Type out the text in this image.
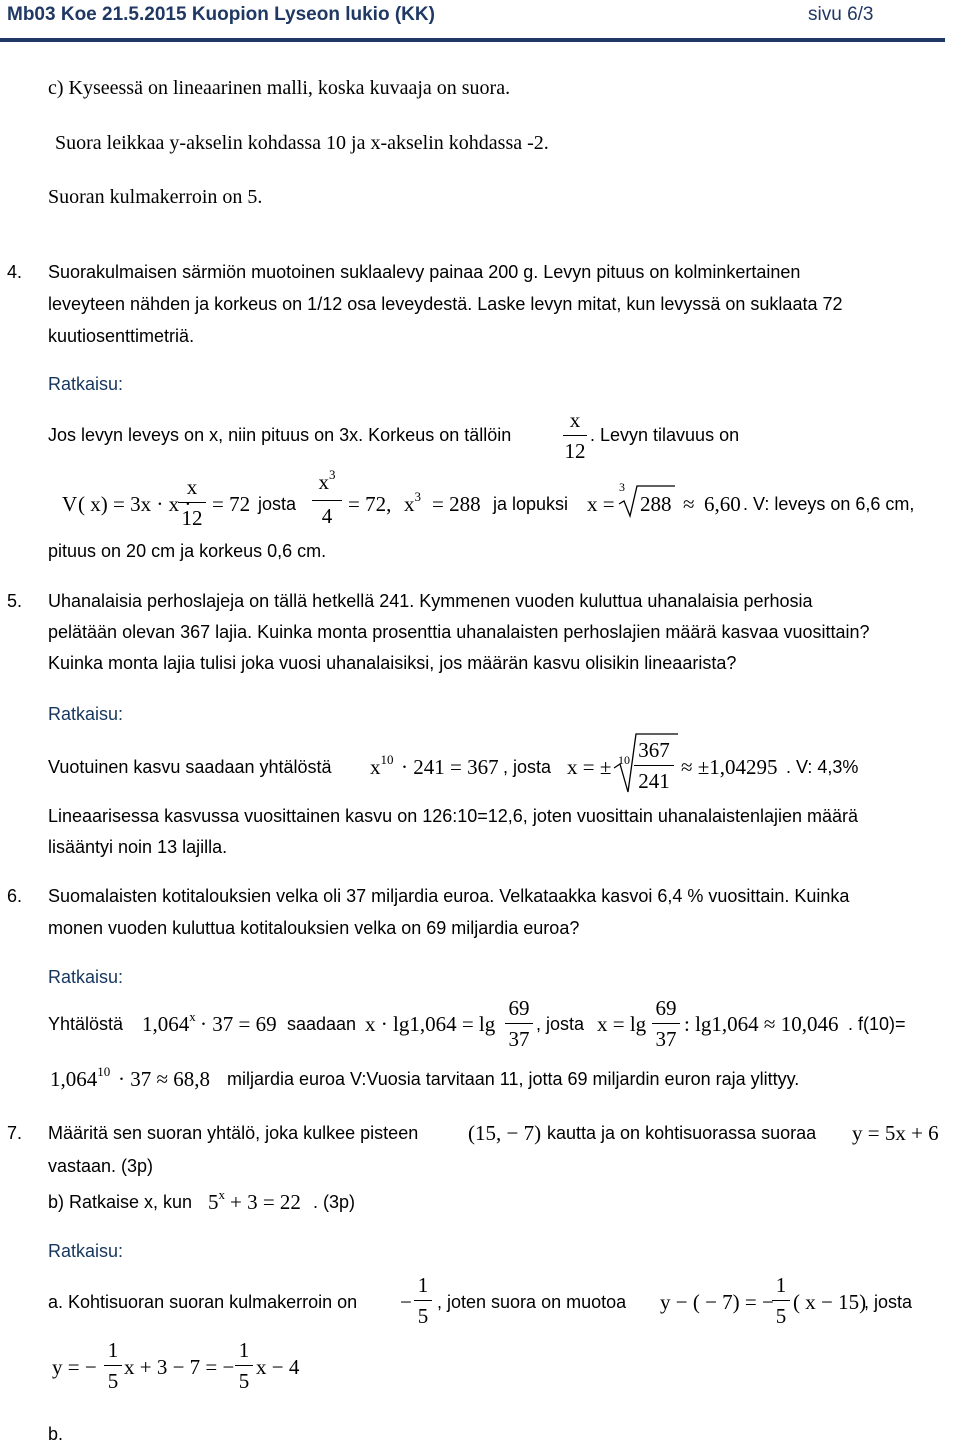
Mb03 Koe 21.5.2015 Kuopion Lyseon lukio (KK)	sivu 6/3
c) Kyseessä on lineaarinen malli, koska kuvaaja on suora.
Suora leikkaa y-akselin kohdassa 10 ja x-akselin kohdassa -2.
Suoran kulmakerroin on 5.
4. Suorakulmaisen särmiön muotoinen suklaalevy painaa 200 g. Levyn pituus on kolminkertainen
leveyteen nähden ja korkeus on 1/12 osa leveydestä. Laske levyn mitat, kun levyssä on suklaata 72
kuutiosenttimetriä.
Ratkaisu:
Jos levyn leveys on x, niin pituus on 3x. Korkeus on tällöin
x
12
. Levyn tilavuus on
V ( x) = 3x · x ·
x
12
= 72 josta
$x^3$
4 = 72, $x^3 = 288$ ja lopuksi x =
3
288 ≈ 6,60 . V: leveys on 6,6 cm,
pituus on 20 cm ja korkeus 0,6 cm.
5. Uhanalaisia perhoslajeja on tällä hetkellä 241. Kymmenen vuoden kuluttua uhanalaisia perhosia
pelätään olevan 367 lajia. Kuinka monta prosenttia uhanalaisten perhoslajien määrä kasvaa vuosittain?
Kuinka monta lajia tulisi joka vuosi uhanalaisiksi, jos määrän kasvu olisikin lineaarista?
Ratkaisu:
Vuotuinen kasvu saadaan yhtälöstä $x^{10} \cdot 241 = 367$ , josta x = ± 10 367
241
≈ ±1,04295 . V: 4,3%
Lineaarisessa kasvussa vuosittainen kasvu on 126:10=12,6, joten vuosittain uhanalaistenlajien määrä
lisääntyi noin 13 lajilla.
6. Suomalaisten kotitalouksien velka oli 37 miljardia euroa. Velkataakka kasvoi 6,4 % vuosittain. Kuinka
monen vuoden kuluttua kotitalouksien velka on 69 miljardia euroa?
Ratkaisu:
Yhtälöstä $1,064^x \cdot 37 = 69$ saadaan x · lg1,064 = lg
69
37
, josta x = lg
69
37
: lg1,064 ≈ 10,046 . f(10)=
$1,064^{10} \cdot 37 \approx 68,8$ miljardia euroa V:Vuosia tarvitaan 11, jotta 69 miljardin euron raja ylittyy.
7. Määritä sen suoran yhtälö, joka kulkee pisteen (15, − 7) kautta ja on kohtisuorassa suoraa y = 5x + 6
vastaan. (3p)
b) Ratkaise x, kun $5^x + 3 = 22$ . (3p)
Ratkaisu:
a. Kohtisuoran suoran kulmakerroin on −
1
5
, joten suora on muotoa y − ( − 7) = −
1
5
( x − 15)
, josta
y = −
1
5
x + 3 − 7 = −
1
5
x − 4
b.
